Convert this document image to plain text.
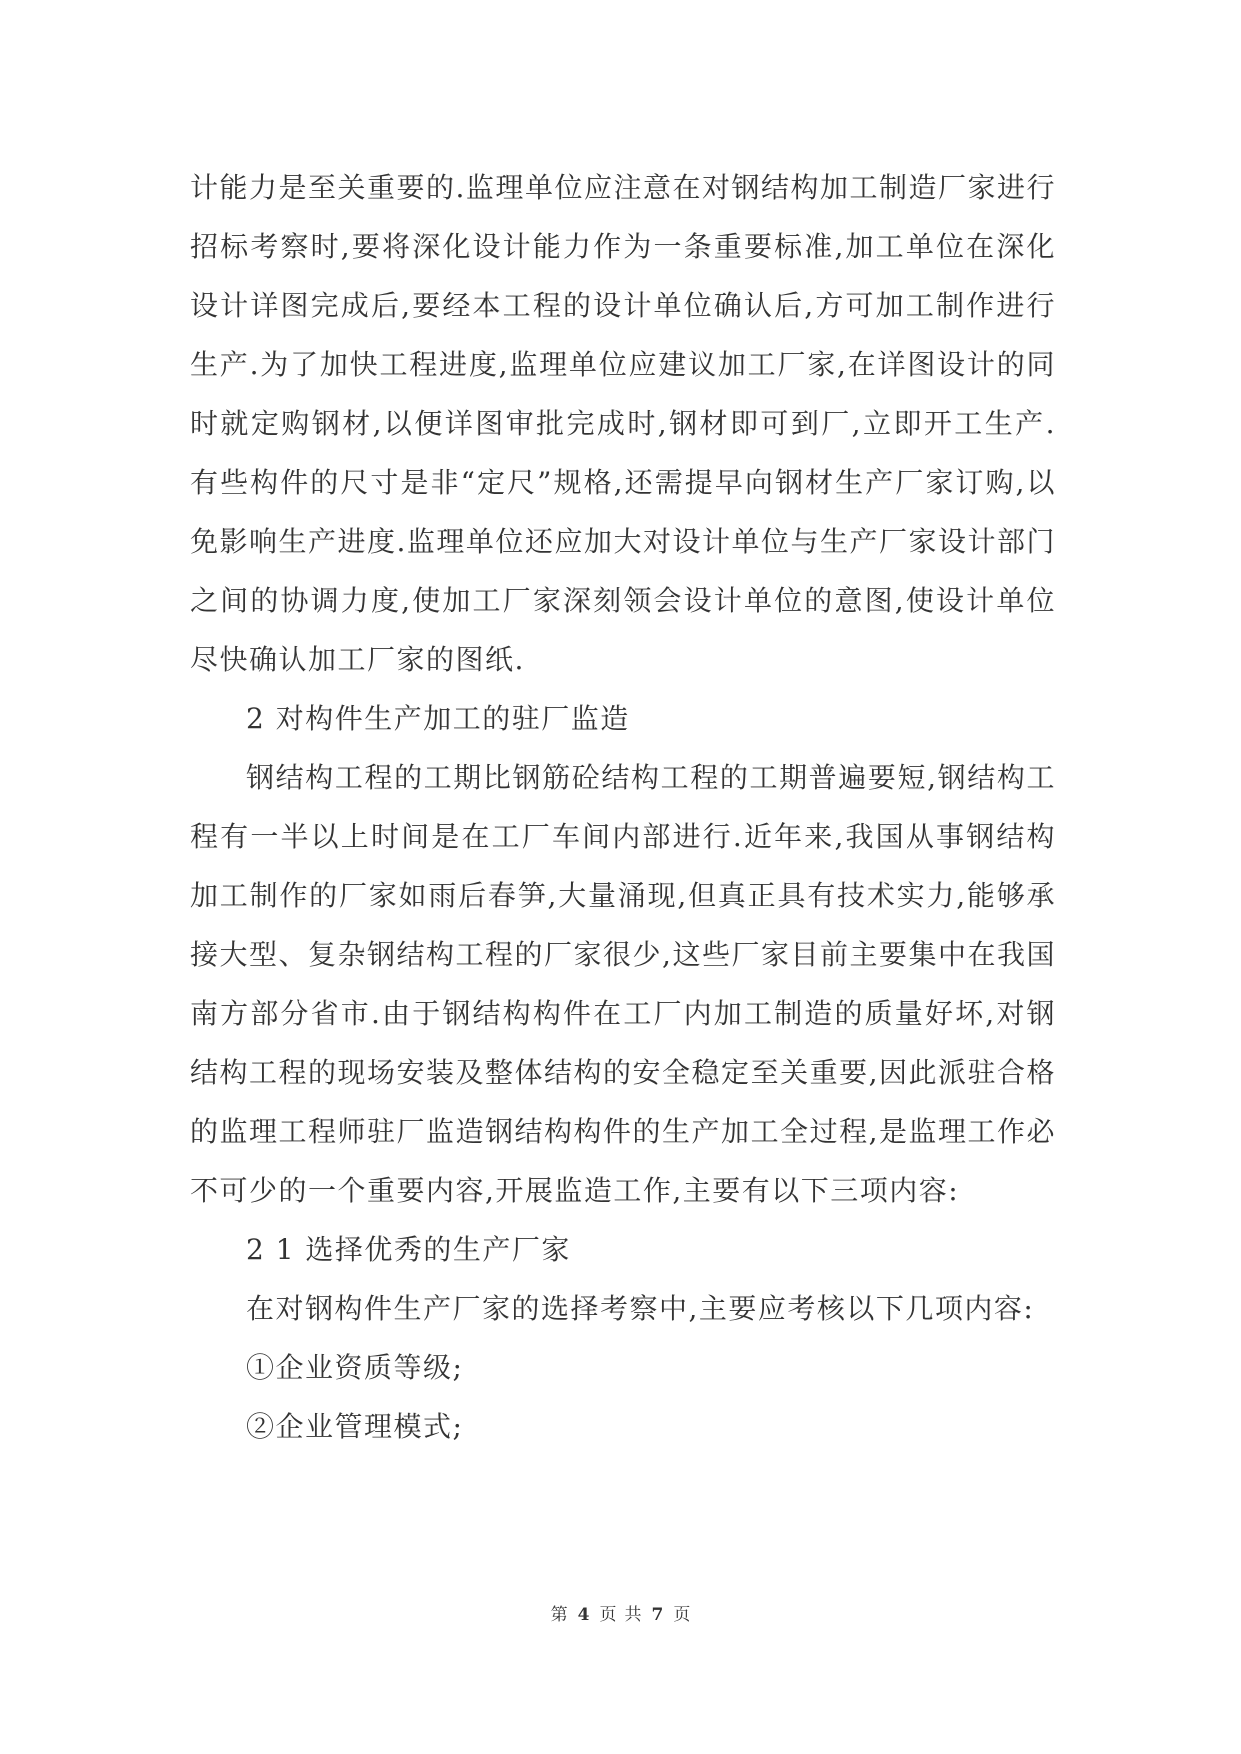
计能力是至关重要的.监理单位应注意在对钢结构加工制造厂家进行招标考察时,要将深化设计能力作为一条重要标准,加工单位在深化设计详图完成后,要经本工程的设计单位确认后,方可加工制作进行生产.为了加快工程进度,监理单位应建议加工厂家,在详图设计的同时就定购钢材,以便详图审批完成时,钢材即可到厂,立即开工生产.有些构件的尺寸是非“定尺”规格,还需提早向钢材生产厂家订购,以免影响生产进度.监理单位还应加大对设计单位与生产厂家设计部门之间的协调力度,使加工厂家深刻领会设计单位的意图,使设计单位尽快确认加工厂家的图纸.

2 对构件生产加工的驻厂监造

钢结构工程的工期比钢筋砼结构工程的工期普遍要短,钢结构工程有一半以上时间是在工厂车间内部进行.近年来,我国从事钢结构加工制作的厂家如雨后春笋,大量涌现,但真正具有技术实力,能够承接大型、复杂钢结构工程的厂家很少,这些厂家目前主要集中在我国南方部分省市.由于钢结构构件在工厂内加工制造的质量好坏,对钢结构工程的现场安装及整体结构的安全稳定至关重要,因此派驻合格的监理工程师驻厂监造钢结构构件的生产加工全过程,是监理工作必不可少的一个重要内容,开展监造工作,主要有以下三项内容:

2 1 选择优秀的生产厂家

在对钢构件生产厂家的选择考察中,主要应考核以下几项内容:

①企业资质等级;

②企业管理模式;

第 4 页 共 7 页
